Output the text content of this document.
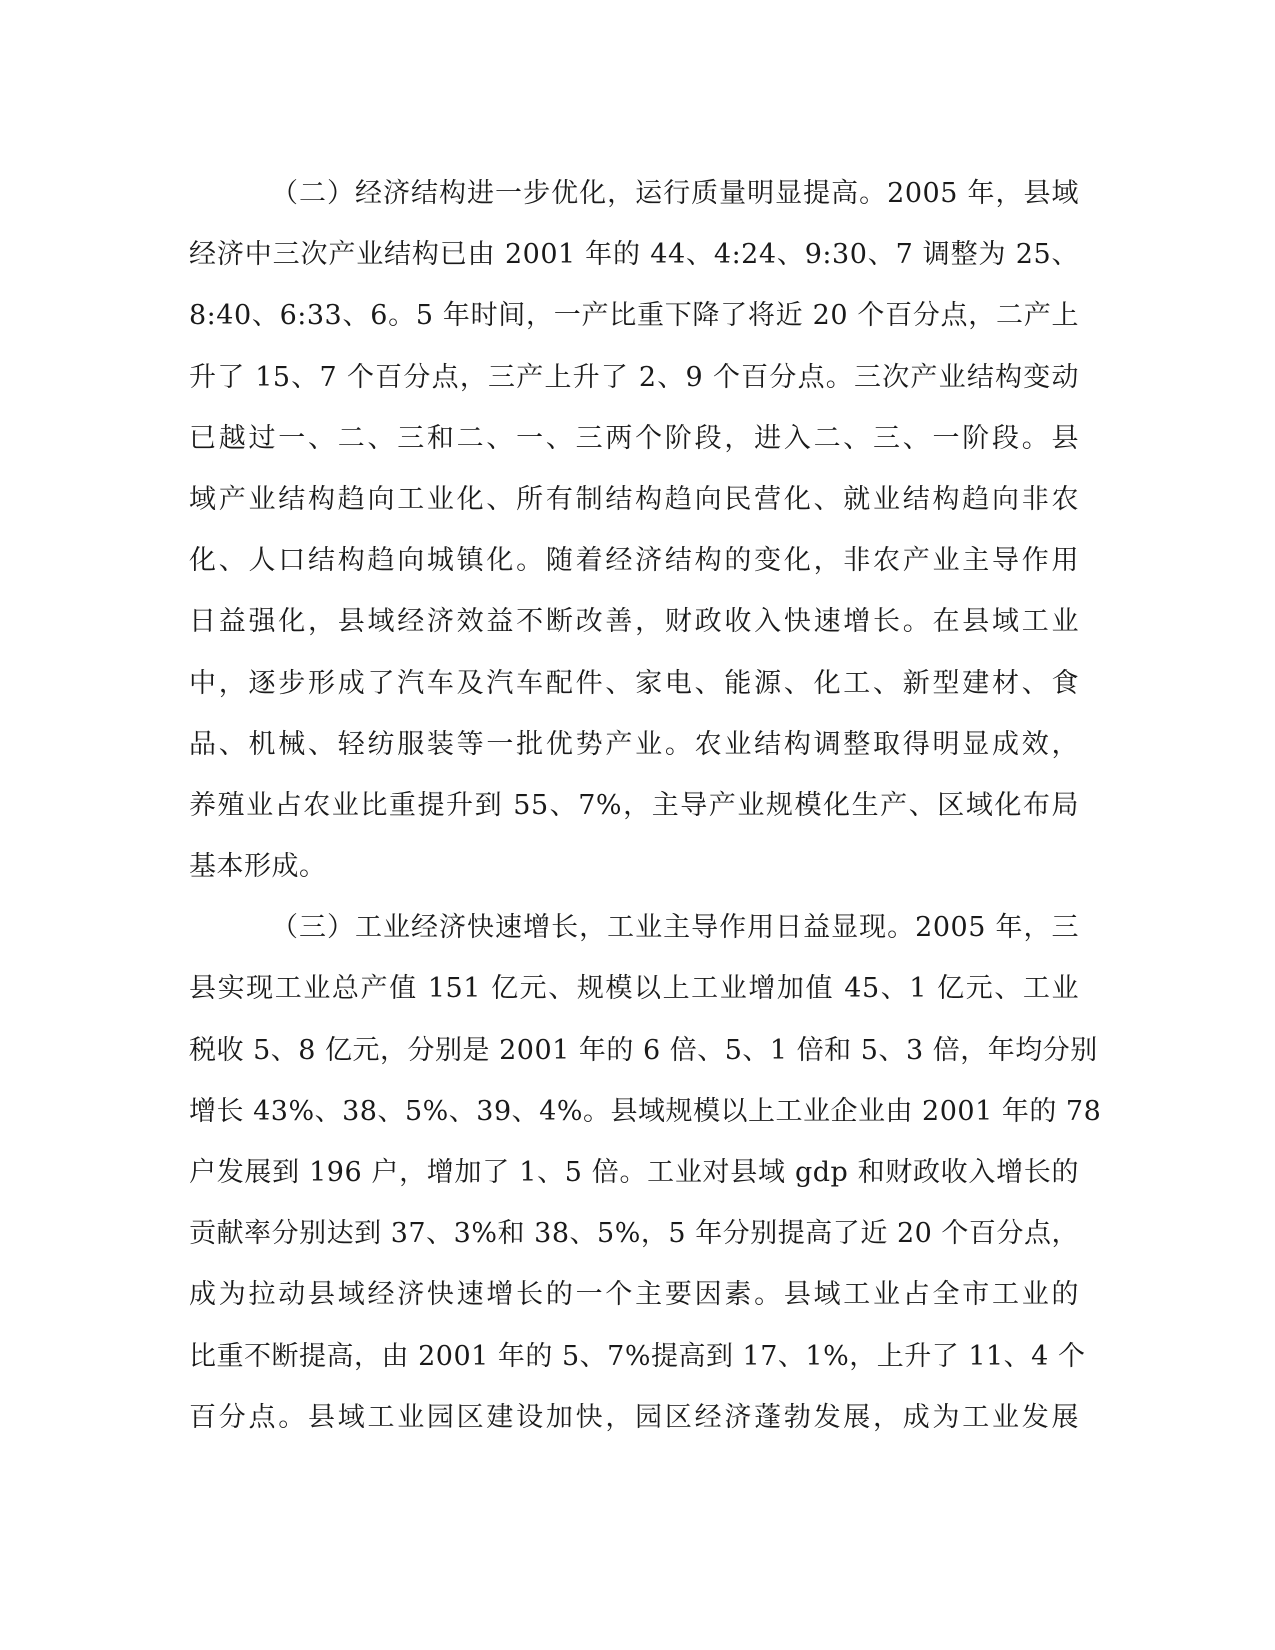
（二）经济结构进一步优化，运行质量明显提高。2005 年，县域
经济中三次产业结构已由 2001 年的 44、4:24、9:30、7 调整为 25、
8:40、6:33、6。5 年时间，一产比重下降了将近 20 个百分点，二产上
升了 15、7 个百分点，三产上升了 2、9 个百分点。三次产业结构变动
已越过一、二、三和二、一、三两个阶段，进入二、三、一阶段。县
域产业结构趋向工业化、所有制结构趋向民营化、就业结构趋向非农
化、人口结构趋向城镇化。随着经济结构的变化，非农产业主导作用
日益强化，县域经济效益不断改善，财政收入快速增长。在县域工业
中，逐步形成了汽车及汽车配件、家电、能源、化工、新型建材、食
品、机械、轻纺服装等一批优势产业。农业结构调整取得明显成效，
养殖业占农业比重提升到 55、7%，主导产业规模化生产、区域化布局
基本形成。
（三）工业经济快速增长，工业主导作用日益显现。2005 年，三
县实现工业总产值 151 亿元、规模以上工业增加值 45、1 亿元、工业
税收 5、8 亿元，分别是 2001 年的 6 倍、5、1 倍和 5、3 倍，年均分别
增长 43%、38、5%、39、4%。县域规模以上工业企业由 2001 年的 78
户发展到 196 户，增加了 1、5 倍。工业对县域 gdp 和财政收入增长的
贡献率分别达到 37、3%和 38、5%，5 年分别提高了近 20 个百分点，
成为拉动县域经济快速增长的一个主要因素。县域工业占全市工业的
比重不断提高，由 2001 年的 5、7%提高到 17、1%，上升了 11、4 个
百分点。县域工业园区建设加快，园区经济蓬勃发展，成为工业发展
